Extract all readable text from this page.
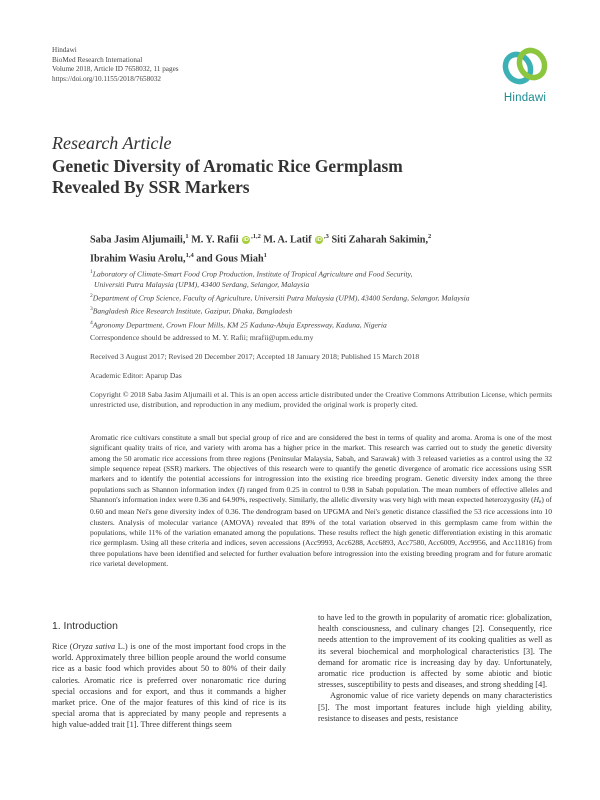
Hindawi
BioMed Research International
Volume 2018, Article ID 7658032, 11 pages
https://doi.org/10.1155/2018/7658032
Hindawi
Research Article
Genetic Diversity of Aromatic Rice Germplasm
Revealed By SSR Markers
Saba Jasim Aljumaili,$^1$ M. Y. Rafii $iD^{,1,2}$ M. A. Latif $iD^{,3}$ Siti Zaharah Sakimin,$^2$
Ibrahim Wasiu Arolu,$^{1,4}$ and Gous Miah$^1$
$^1$Laboratory of Climate-Smart Food Crop Production, Institute of Tropical Agriculture and Food Security,
Universiti Putra Malaysia (UPM), 43400 Serdang, Selangor, Malaysia
$^2$Department of Crop Science, Faculty of Agriculture, Universiti Putra Malaysia (UPM), 43400 Serdang, Selangor, Malaysia
$^3$Bangladesh Rice Research Institute, Gazipur, Dhaka, Bangladesh
$^4$Agronomy Department, Crown Flour Mills, KM 25 Kaduna-Abuja Expressway, Kaduna, Nigeria
Correspondence should be addressed to M. Y. Rafii; mrafii@upm.edu.my
Received 3 August 2017; Revised 20 December 2017; Accepted 18 January 2018; Published 15 March 2018
Academic Editor: Aparup Das
Copyright © 2018 Saba Jasim Aljumaili et al. This is an open access article distributed under the Creative Commons Attribution License, which permits unrestricted use, distribution, and reproduction in any medium, provided the original work is properly cited.
Aromatic rice cultivars constitute a small but special group of rice and are considered the best in terms of quality and aroma. Aroma is one of the most significant quality traits of rice, and variety with aroma has a higher price in the market. This research was carried out to study the genetic diversity among the 50 aromatic rice accessions from three regions (Peninsular Malaysia, Sabah, and Sarawak) with 3 released varieties as a control using the 32 simple sequence repeat (SSR) markers. The objectives of this research were to quantify the genetic divergence of aromatic rice accessions using SSR markers and to identify the potential accessions for introgression into the existing rice breeding program. Genetic diversity index among the three populations such as Shannon information index (I) ranged from 0.25 in control to 0.98 in Sabah population. The mean numbers of effective alleles and Shannon's information index were 0.36 and 64.90%, respectively. Similarly, the allelic diversity was very high with mean expected heterozygosity (He) of 0.60 and mean Nei's gene diversity index of 0.36. The dendrogram based on UPGMA and Nei's genetic distance classified the 53 rice accessions into 10 clusters. Analysis of molecular variance (AMOVA) revealed that 89% of the total variation observed in this germplasm came from within the populations, while 11% of the variation emanated among the populations. These results reflect the high genetic differentiation existing in this aromatic rice germplasm. Using all these criteria and indices, seven accessions (Acc9993, Acc6288, Acc6893, Acc7580, Acc6009, Acc9956, and Acc11816) from three populations have been identified and selected for further evaluation before introgression into the existing breeding program and for future aromatic rice varietal development.
1. Introduction

Rice (Oryza sativa L.) is one of the most important food crops in the world. Approximately three billion people around the world consume rice as a basic food which provides about 50 to 80% of their daily calories. Aromatic rice is preferred over nonaromatic rice during special occasions and for export, and thus it commands a higher market price. One of the major features of this kind of rice is its special aroma that is appreciated by many people and represents a high value-added trait [1]. Three different things seem

to have led to the growth in popularity of aromatic rice: globalization, health consciousness, and culinary changes [2]. Consequently, rice needs attention to the improvement of its cooking qualities as well as its several biochemical and morphological characteristics [3]. The demand for aromatic rice is increasing day by day. Unfortunately, aromatic rice production is affected by some abiotic and biotic stresses, susceptibility to pests and diseases, and strong shedding [4].

Agronomic value of rice variety depends on many characteristics [5]. The most important features include high yielding ability, resistance to diseases and pests, resistance
